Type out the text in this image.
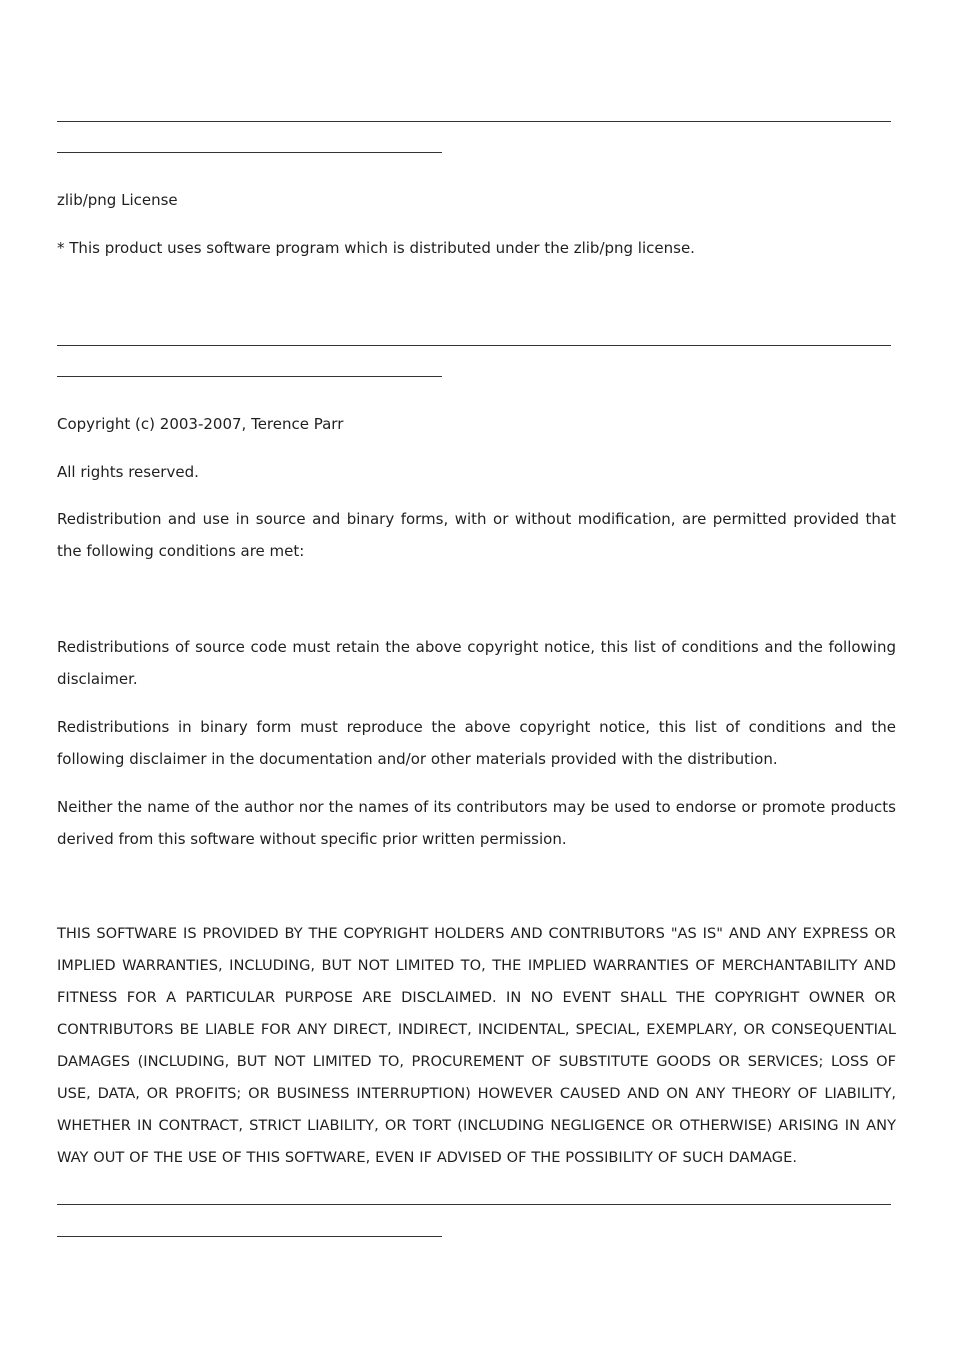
zlib/png License

* This product uses software program which is distributed under the zlib/png license.

Copyright (c) 2003-2007, Terence Parr

All rights reserved.

Redistribution and use in source and binary forms, with or without modification, are permitted provided that the following conditions are met:

Redistributions of source code must retain the above copyright notice, this list of conditions and the following disclaimer.

Redistributions in binary form must reproduce the above copyright notice, this list of conditions and the following disclaimer in the documentation and/or other materials provided with the distribution.

Neither the name of the author nor the names of its contributors may be used to endorse or promote products derived from this software without specific prior written permission.

THIS SOFTWARE IS PROVIDED BY THE COPYRIGHT HOLDERS AND CONTRIBUTORS "AS IS" AND ANY EXPRESS OR IMPLIED WARRANTIES, INCLUDING, BUT NOT LIMITED TO, THE IMPLIED WARRANTIES OF MERCHANTABILITY AND FITNESS FOR A PARTICULAR PURPOSE ARE DISCLAIMED. IN NO EVENT SHALL THE COPYRIGHT OWNER OR CONTRIBUTORS BE LIABLE FOR ANY DIRECT, INDIRECT, INCIDENTAL, SPECIAL, EXEMPLARY, OR CONSEQUENTIAL DAMAGES (INCLUDING, BUT NOT LIMITED TO, PROCUREMENT OF SUBSTITUTE GOODS OR SERVICES; LOSS OF USE, DATA, OR PROFITS; OR BUSINESS INTERRUPTION) HOWEVER CAUSED AND ON ANY THEORY OF LIABILITY, WHETHER IN CONTRACT, STRICT LIABILITY, OR TORT (INCLUDING NEGLIGENCE OR OTHERWISE) ARISING IN ANY WAY OUT OF THE USE OF THIS SOFTWARE, EVEN IF ADVISED OF THE POSSIBILITY OF SUCH DAMAGE.
